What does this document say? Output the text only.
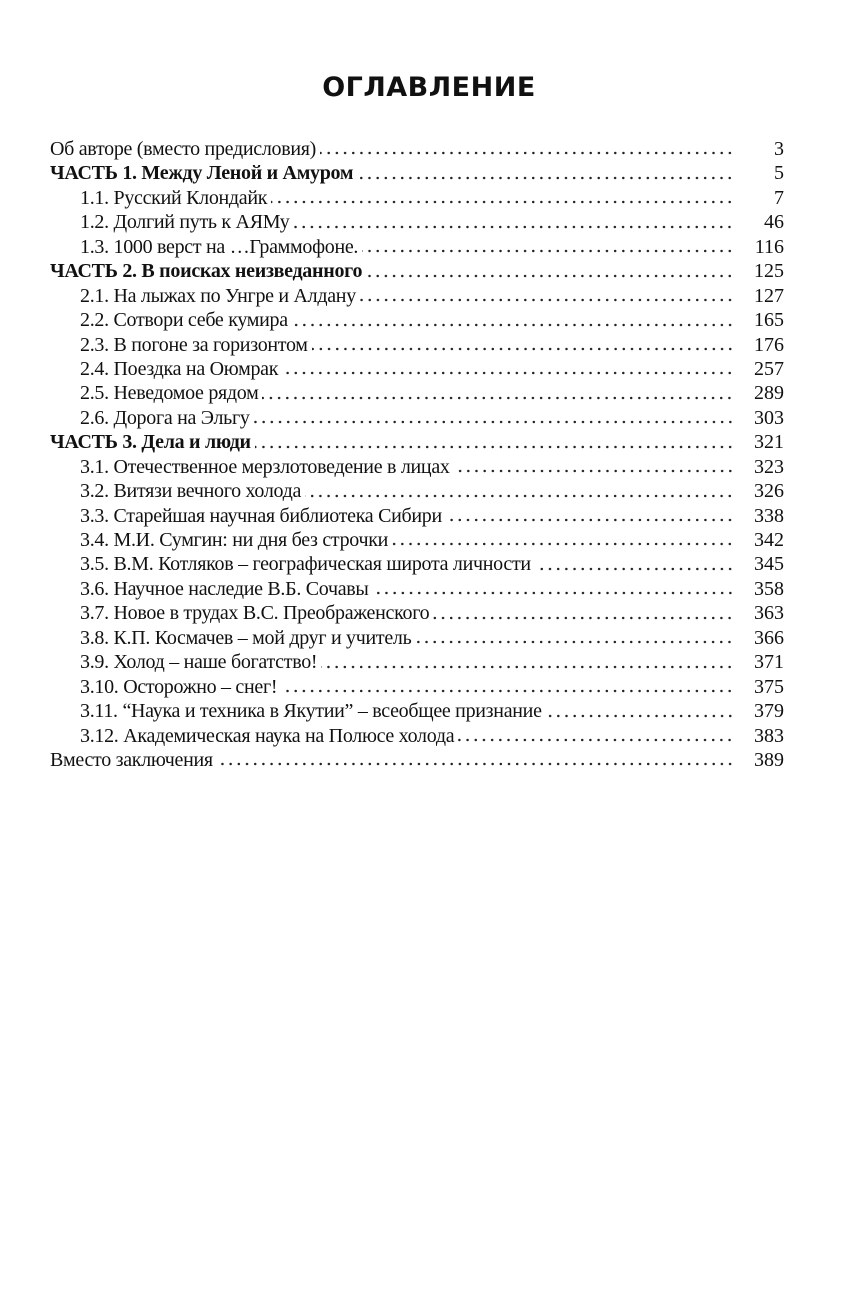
ОГЛАВЛЕНИЕ
Об авторе (вместо предисловия)	3
ЧАСТЬ 1. Между Леной и Амуром	5
1.1. Русский Клондайк	7
1.2. Долгий путь к АЯМу	46
1.3. 1000 верст на …Граммофоне.	116
ЧАСТЬ 2. В поисках неизведанного	125
2.1. На лыжах по Унгре и Алдану	127
2.2. Сотвори себе кумира	165
2.3. В погоне за горизонтом	176
2.4. Поездка на Оюмрак	257
2.5. Неведомое рядом	289
2.6. Дорога на Эльгу	303
ЧАСТЬ 3. Дела и люди	321
3.1. Отечественное мерзлотоведение в лицах	323
3.2. Витязи вечного холода	326
3.3. Старейшая научная библиотека Сибири	338
3.4. М.И. Сумгин: ни дня без строчки	342
3.5. В.М. Котляков – географическая широта личности	345
3.6. Научное наследие В.Б. Сочавы	358
3.7. Новое в трудах В.С. Преображенского	363
3.8. К.П. Космачев – мой друг и учитель	366
3.9. Холод – наше богатство!	371
3.10. Осторожно – снег!	375
3.11. “Наука и техника в Якутии” – всеобщее признание	379
3.12. Академическая наука на Полюсе холода	383
Вместо заключения	389
